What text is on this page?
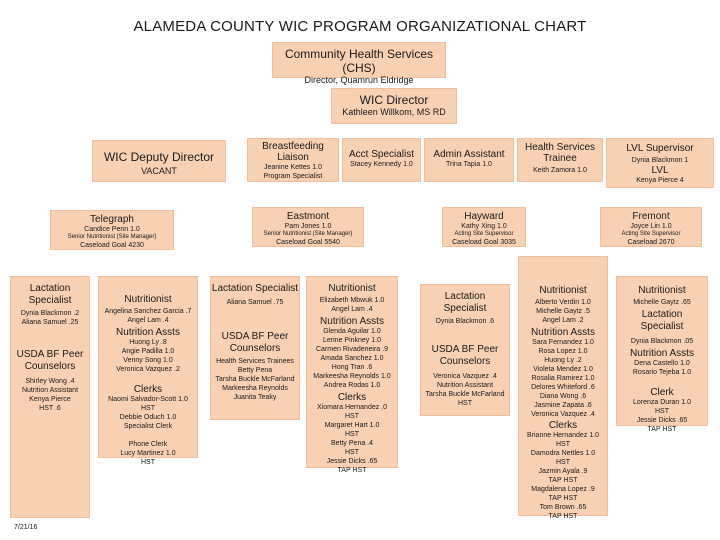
ALAMEDA COUNTY WIC PROGRAM ORGANIZATIONAL CHART
Community Health Services (CHS)
Director, Quamrun Eldridge
WIC Director
Kathleen Willkom, MS RD
WIC Deputy Director
VACANT
Breastfeeding Liaison
Jeanine Kettes 1.0
Program Specialist
Acct Specialist
Stacey Kennedy 1.0
Admin Assistant
Trina Tapia 1.0
Health Services Trainee
Keith Zamora 1.0
LVL Supervisor
Dynia Blackmon 1
LVL
Kenya Pierce 4
Telegraph
Candice Penn 1.0
Senior Nutritionist (Site Manager)
Caseload Goal 4230
Eastmont
Pam Jones 1.0
Senior Nutritionist (Site Manager)
Caseload Goal 5540
Hayward
Kathy Xing 1.0
Acting Site Supervisor
Caseload Goal 3035
Fremont
Joyce Lin 1.0
Acting Site Supervisor
Caseload 2670
Lactation Specialist
Dynia Blackmon .2
Aliana Samuel .25
USDA BF Peer Counselors
Shirley Wong .4
Nutrition Assistant
Kenya Pierce
HST .6
Nutritionist
Angelina Sanchez Garcia .7
Angel Lam .4
Nutrition Assts
Huong Ly .8
Angie Padilla 1.0
Venny Song 1.0
Veronica Vazquez .2
Clerks
Naomi Salvador-Scott 1.0
HST
Debbie Oduch 1.0
Specialist Clerk
Phone Clerk
Lucy Martinez 1.0
HST
Lactation Specialist
Aliana Samuel .75
USDA BF Peer Counselors
Health Services Trainees
Betty Pena
Tarsha Buckle McFarland
Markeesha Reynolds
Juanita Teaky
Nutritionist
Elizabeth Mbwuk 1.0
Angel Lam .4
Nutrition Assts
Glenda Aguilar 1.0
Lerine Pinkney 1.0
Carmen Rivadeneira .9
Amada Sanchez 1.0
Hong Tran .6
Markeesha Reynolds 1.0
Andrea Rodas 1.0
Clerks
Xiomara Hernandez .0
HST
Margaret Hart 1.0
HST
Betty Pena .4
HST
Jessie Dicks .65
TAP HST
Lactation Specialist
Dynia Blackmon .6
USDA BF Peer Counselors
Veronica Vazquez .4
Nutrition Assistant
Tarsha Buckle McFarland
HST
Nutritionist
Alberto Verdin 1.0
Michelle Gaytz .5
Angel Lam .2
Nutrition Assts
Sara Fernandez 1.0
Rosa Lopez 1.0
Huong Ly .2
Violeta Mendez 1.0
Rosalia Ramirez 1.0
Delores Whiteford .6
Diana Wong .6
Jasmine Zapata .6
Veronica Vazquez .4
Clerks
Brianne Hernandez 1.0
HST
Damodra Nettles 1.0
HST
Jazmin Ayala .9
TAP HST
Magdalena Lopez .9
TAP HST
Tom Brown .65
TAP HST
Nutritionist
Michelle Gaytz .65
Lactation Specialist
Dynia Blackmon .05
Nutrition Assts
Dena Castello 1.0
Rosario Tejeba 1.0
Clerk
Lorenza Duran 1.0
HST
Jessie Dicks .65
TAP HST
7/21/16
